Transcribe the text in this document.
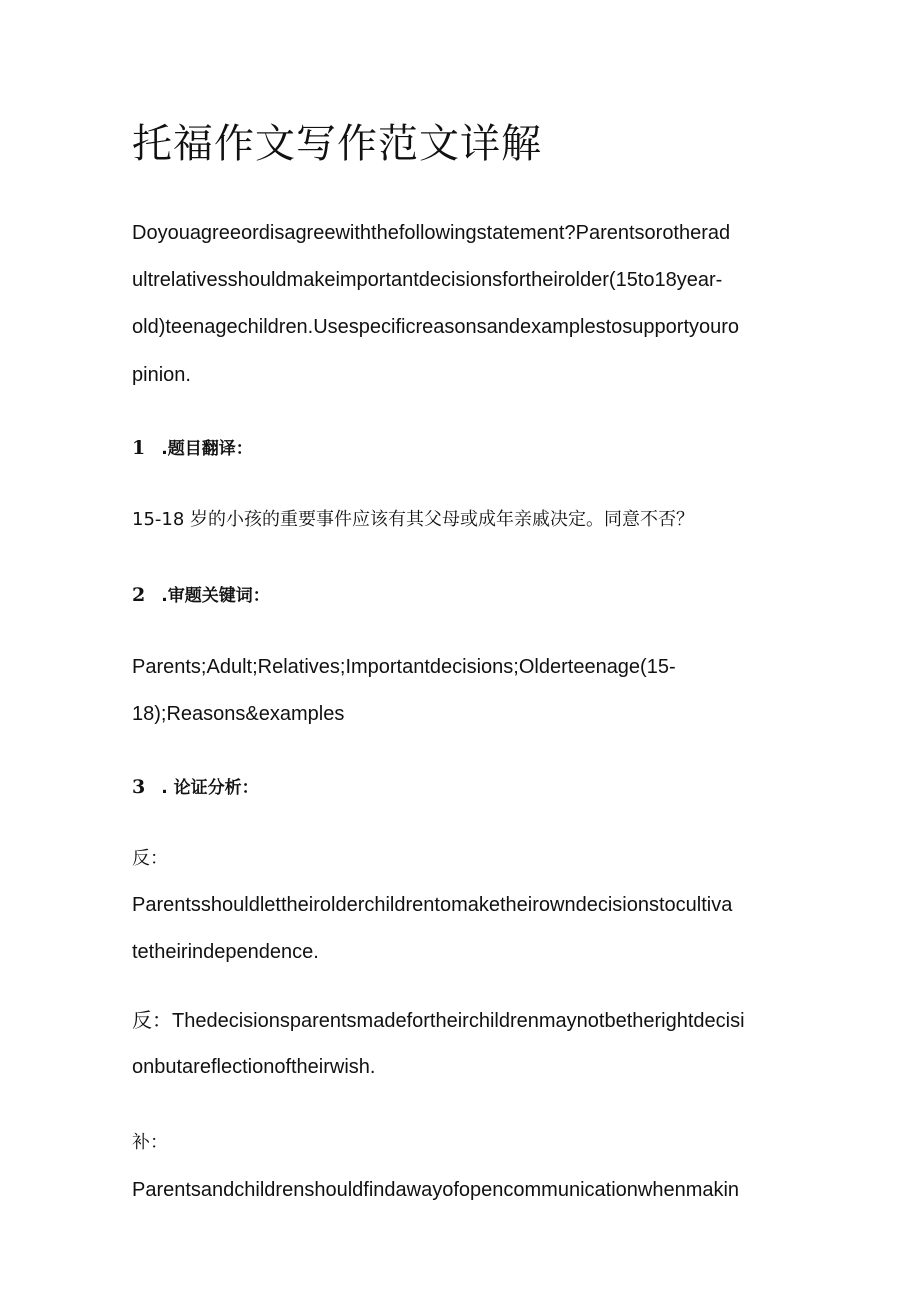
托福作文写作范文详解

Doyouagreeordisagreewiththefollowingstatement?Parentsorotherad

ultrelativesshouldmakeimportantdecisionsfortheirolder(15to18year-

old)teenagechildren.Usespecificreasonsandexamplestosupportyouro

pinion.

1 .题目翻译：

15-18 岁的小孩的重要事件应该有其父母或成年亲戚决定。同意不否？

2 .审题关键词：

Parents;Adult;Relatives;Importantdecisions;Olderteenage(15-

18);Reasons&examples

3 . 论证分析：

反：

Parentsshouldlettheirolderchildrentomaketheirowndecisionstocultiva

tetheirindependence.

反：Thedecisionsparentsmadefortheirchildrenmaynotbetherightdecisi

onbutareflectionoftheirwish.

补：

Parentsandchildrenshouldfindawayofopencommunicationwhenmakin
